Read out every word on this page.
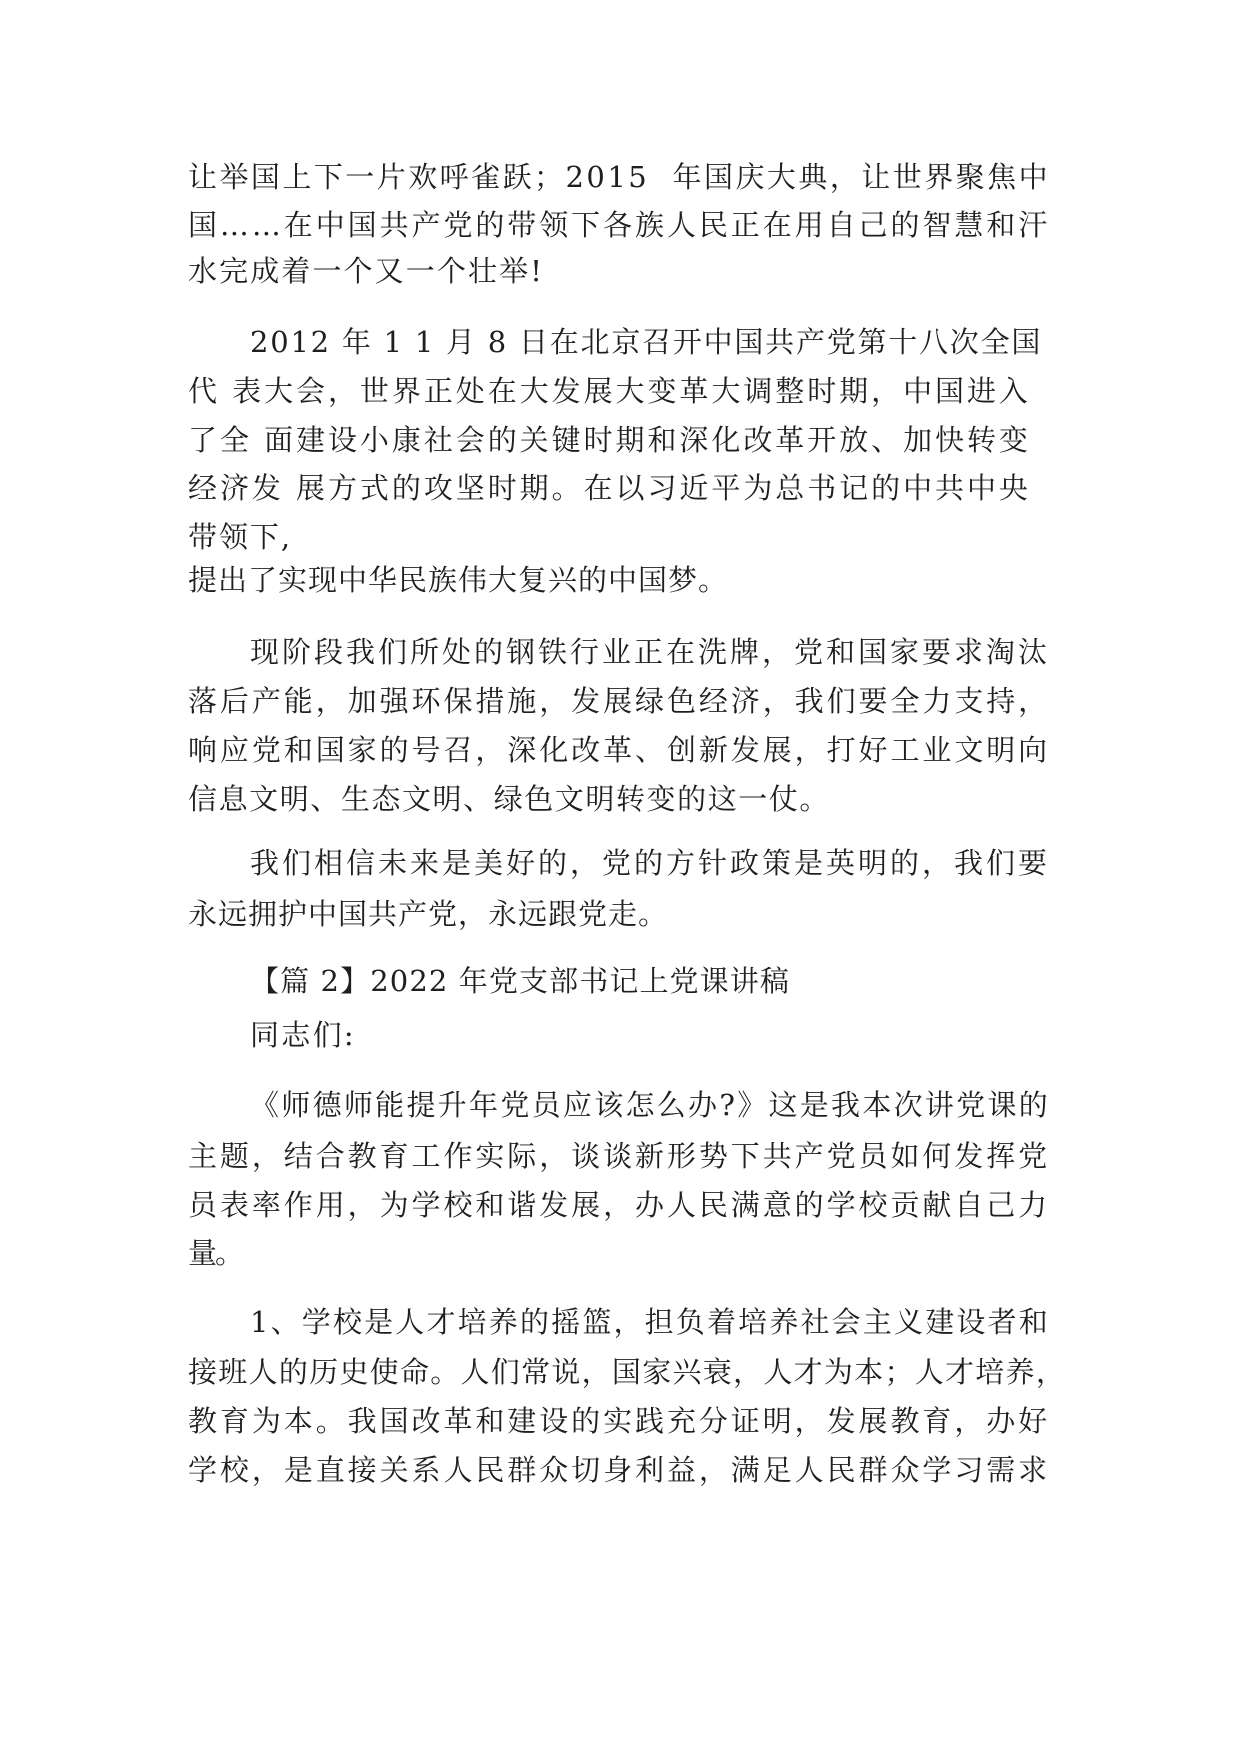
让举国上下一片欢呼雀跃；2015  年国庆大典，让世界聚焦中

国……在中国共产党的带领下各族人民正在用自己的智慧和汗

水完成着一个又一个壮举!

2012 年 1 1 月 8 日在北京召开中国共产党第十八次全国

代 表大会，世界正处在大发展大变革大调整时期，中国进入

了全 面建设小康社会的关键时期和深化改革开放、加快转变

经济发 展方式的攻坚时期。在以习近平为总书记的中共中央

带领下,

提出了实现中华民族伟大复兴的中国梦。

现阶段我们所处的钢铁行业正在洗牌，党和国家要求淘汰

落后产能，加强环保措施，发展绿色经济，我们要全力支持，

响应党和国家的号召，深化改革、创新发展，打好工业文明向

信息文明、生态文明、绿色文明转变的这一仗。

我们相信未来是美好的，党的方针政策是英明的，我们要

永远拥护中国共产党，永远跟党走。

【篇 2】2022 年党支部书记上党课讲稿

同志们:

《师德师能提升年党员应该怎么办?》这是我本次讲党课的

主题，结合教育工作实际，谈谈新形势下共产党员如何发挥党

员表率作用，为学校和谐发展，办人民满意的学校贡献自己力

量。

1、学校是人才培养的摇篮，担负着培养社会主义建设者和

接班人的历史使命。人们常说，国家兴衰，人才为本；人才培养，

教育为本。我国改革和建设的实践充分证明，发展教育，办好

学校，是直接关系人民群众切身利益，满足人民群众学习需求
